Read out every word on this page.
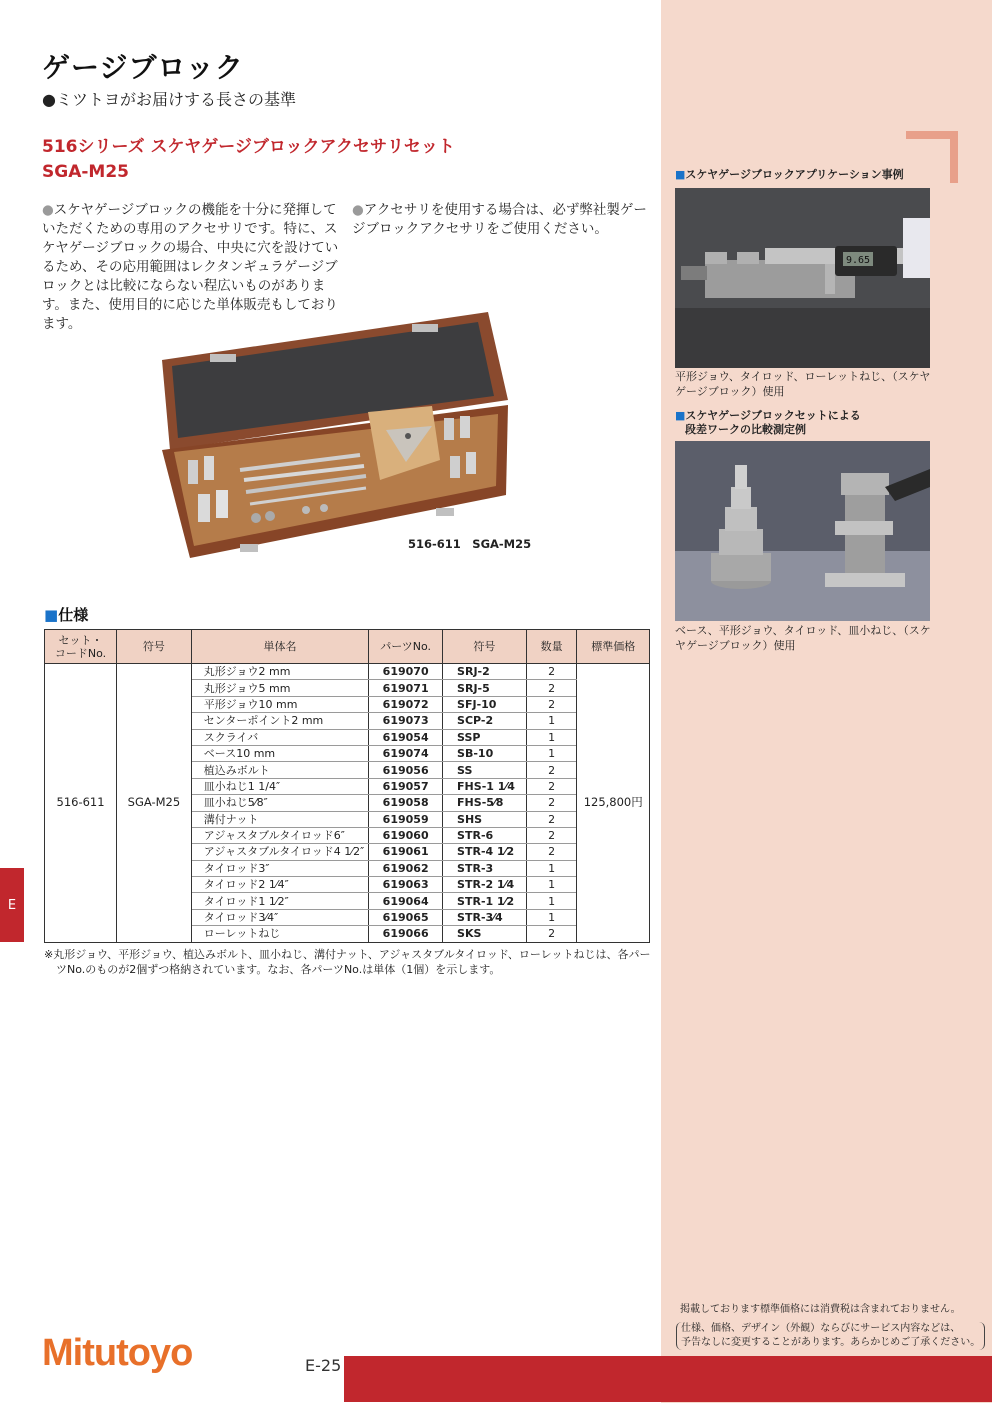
ゲージブロック
●ミツトヨがお届けする長さの基準
516シリーズ スケヤゲージブロックアクセサリセット
SGA-M25
●スケヤゲージブロックの機能を十分に発揮していただくための専用のアクセサリです。特に、スケヤゲージブロックの場合、中央に穴を設けているため、その応用範囲はレクタンギュラゲージブロックとは比較にならない程広いものがあります。また、使用目的に応じた単体販売もしております。
●アクセサリを使用する場合は、必ず弊社製ゲージブロックアクセサリをご使用ください。
516-611　SGA-M25
■仕様
セット・
コードNo.	符号	単体名	パーツNo.	符号	数量	標準価格
516-611	SGA-M25	丸形ジョウ2 mm	619070	SRJ-2	2	125,800円
		丸形ジョウ5 mm	619071	SRJ-5	2	
		平形ジョウ10 mm	619072	SFJ-10	2	
		センターポイント2 mm	619073	SCP-2	1	
		スクライバ	619054	SSP	1	
		ベース10 mm	619074	SB-10	1	
		植込みボルト	619056	SS	2	
		皿小ねじ1 1/4″	619057	FHS-1 1⁄4	2	
		皿小ねじ5⁄8″	619058	FHS-5⁄8	2	
		溝付ナット	619059	SHS	2	
		アジャスタブルタイロッド6″	619060	STR-6	2	
		アジャスタブルタイロッド4 1⁄2″	619061	STR-4 1⁄2	2	
		タイロッド3″	619062	STR-3	1	
		タイロッド2 1⁄4″	619063	STR-2 1⁄4	1	
		タイロッド1 1⁄2″	619064	STR-1 1⁄2	1	
		タイロッド3⁄4″	619065	STR-3⁄4	1	
		ローレットねじ	619066	SKS	2	
※丸形ジョウ、平形ジョウ、植込みボルト、皿小ねじ、溝付ナット、アジャスタブルタイロッド、ローレットねじは、各パーツNo.のものが2個ずつ格納されています。なお、各パーツNo.は単体（1個）を示します。
E
■スケヤゲージブロックアプリケーション事例
9.65
平形ジョウ、タイロッド、ローレットねじ、（スケヤゲージブロック）使用
■スケヤゲージブロックセットによる
段差ワークの比較測定例
ベース、平形ジョウ、タイロッド、皿小ねじ、（スケヤゲージブロック）使用
掲載しております標準価格には消費税は含まれておりません。
仕様、価格、デザイン（外観）ならびにサービス内容などは、
予告なしに変更することがあります。あらかじめご了承ください。
Mitutoyo	E-25
